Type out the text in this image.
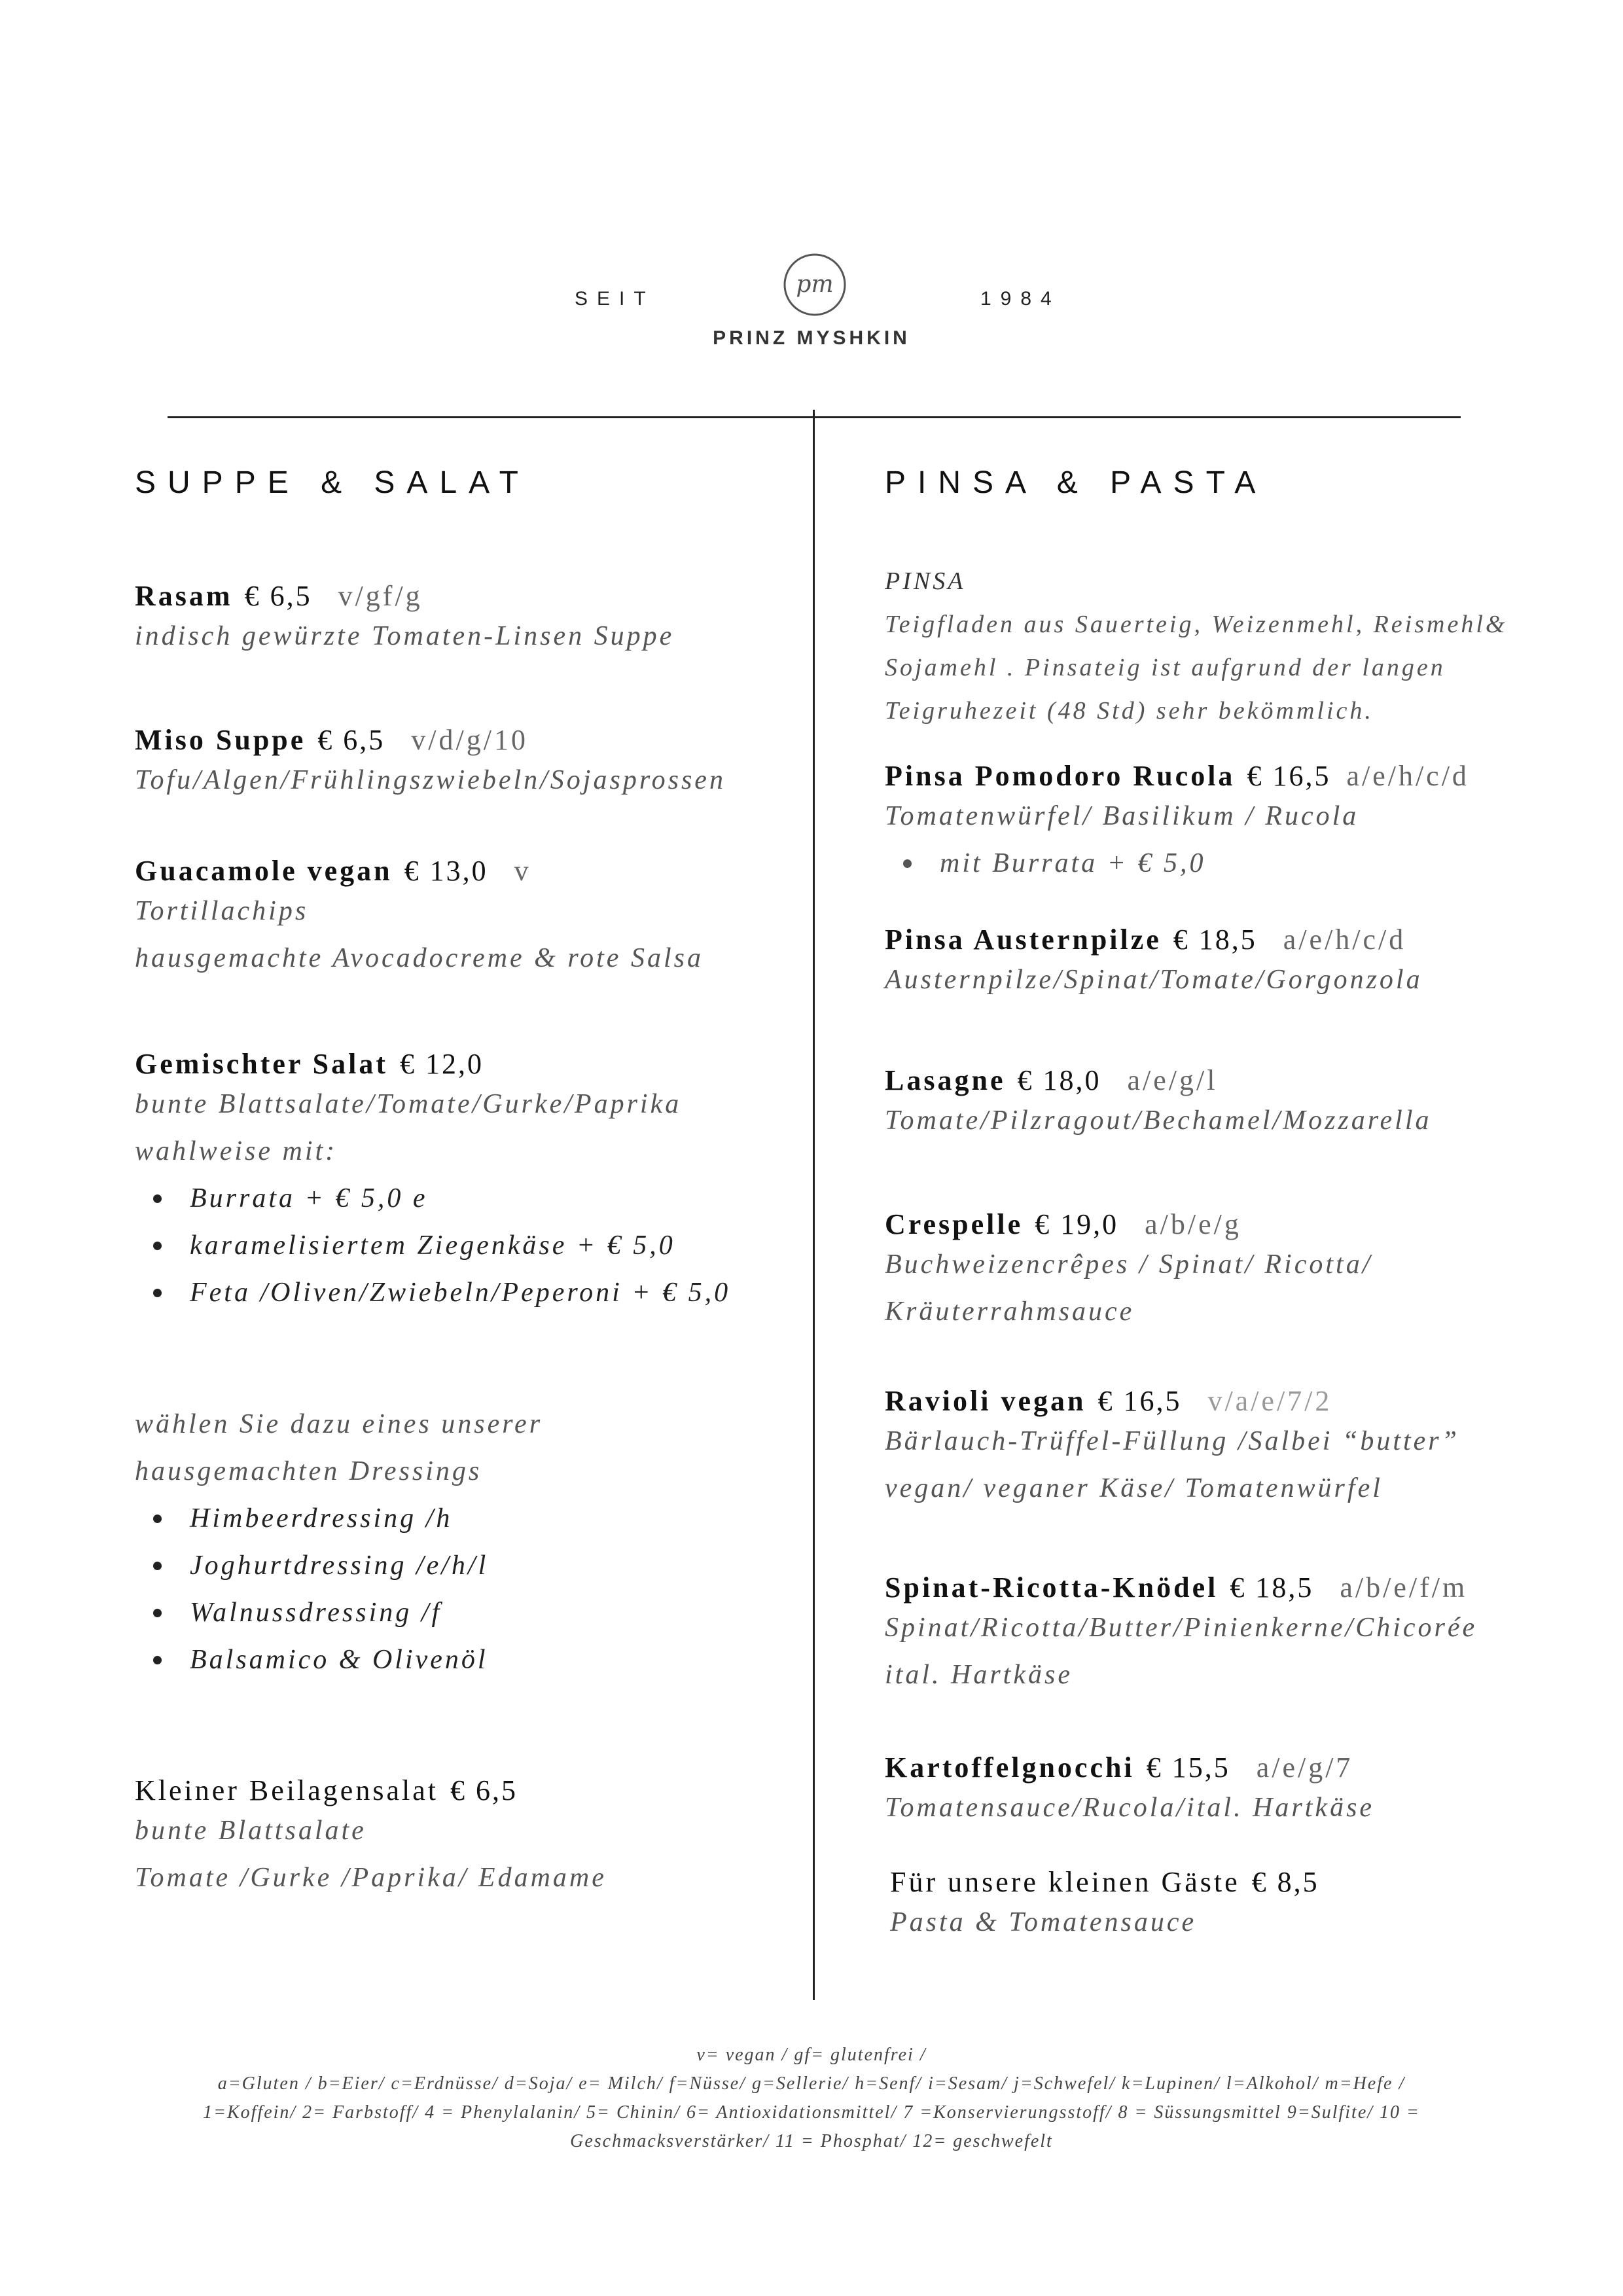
SEIT
pm
1984
PRINZ MYSHKIN
SUPPE & SALAT
Rasam € 6,5 v/gf/g
indisch gewürzte Tomaten-Linsen Suppe
Miso Suppe € 6,5 v/d/g/10
Tofu/Algen/Frühlingszwiebeln/Sojasprossen
Guacamole vegan € 13,0 v
Tortillachips
hausgemachte Avocadocreme & rote Salsa
Gemischter Salat € 12,0
bunte Blattsalate/Tomate/Gurke/Paprika
wahlweise mit:
Burrata + € 5,0 e
karamelisiertem Ziegenkäse + € 5,0
Feta /Oliven/Zwiebeln/Peperoni + € 5,0
wählen Sie dazu eines unserer
hausgemachten Dressings
Himbeerdressing /h
Joghurtdressing /e/h/l
Walnussdressing /f
Balsamico & Olivenöl
Kleiner Beilagensalat € 6,5
bunte Blattsalate
Tomate /Gurke /Paprika/ Edamame
PINSA & PASTA
PINSA
Teigfladen aus Sauerteig, Weizenmehl, Reismehl&
Sojamehl . Pinsateig ist aufgrund der langen
Teigruhezeit (48 Std) sehr bekömmlich.
Pinsa Pomodoro Rucola € 16,5 a/e/h/c/d
Tomatenwürfel/ Basilikum / Rucola
mit Burrata + € 5,0
Pinsa Austernpilze € 18,5 a/e/h/c/d
Austernpilze/Spinat/Tomate/Gorgonzola
Lasagne € 18,0 a/e/g/l
Tomate/Pilzragout/Bechamel/Mozzarella
Crespelle € 19,0 a/b/e/g
Buchweizencrêpes / Spinat/ Ricotta/
Kräuterrahmsauce
Ravioli vegan € 16,5 v/a/e/7/2
Bärlauch-Trüffel-Füllung /Salbei “butter”
vegan/ veganer Käse/ Tomatenwürfel
Spinat-Ricotta-Knödel € 18,5 a/b/e/f/m
Spinat/Ricotta/Butter/Pinienkerne/Chicorée
ital. Hartkäse
Kartoffelgnocchi € 15,5 a/e/g/7
Tomatensauce/Rucola/ital. Hartkäse
Für unsere kleinen Gäste € 8,5
Pasta & Tomatensauce
v= vegan / gf= glutenfrei /
a=Gluten / b=Eier/ c=Erdnüsse/ d=Soja/ e= Milch/ f=Nüsse/ g=Sellerie/ h=Senf/ i=Sesam/ j=Schwefel/ k=Lupinen/ l=Alkohol/ m=Hefe /
1=Koffein/ 2= Farbstoff/ 4 = Phenylalanin/ 5= Chinin/ 6= Antioxidationsmittel/ 7 =Konservierungsstoff/ 8 = Süssungsmittel 9=Sulfite/ 10 =
Geschmacksverstärker/ 11 = Phosphat/ 12= geschwefelt
